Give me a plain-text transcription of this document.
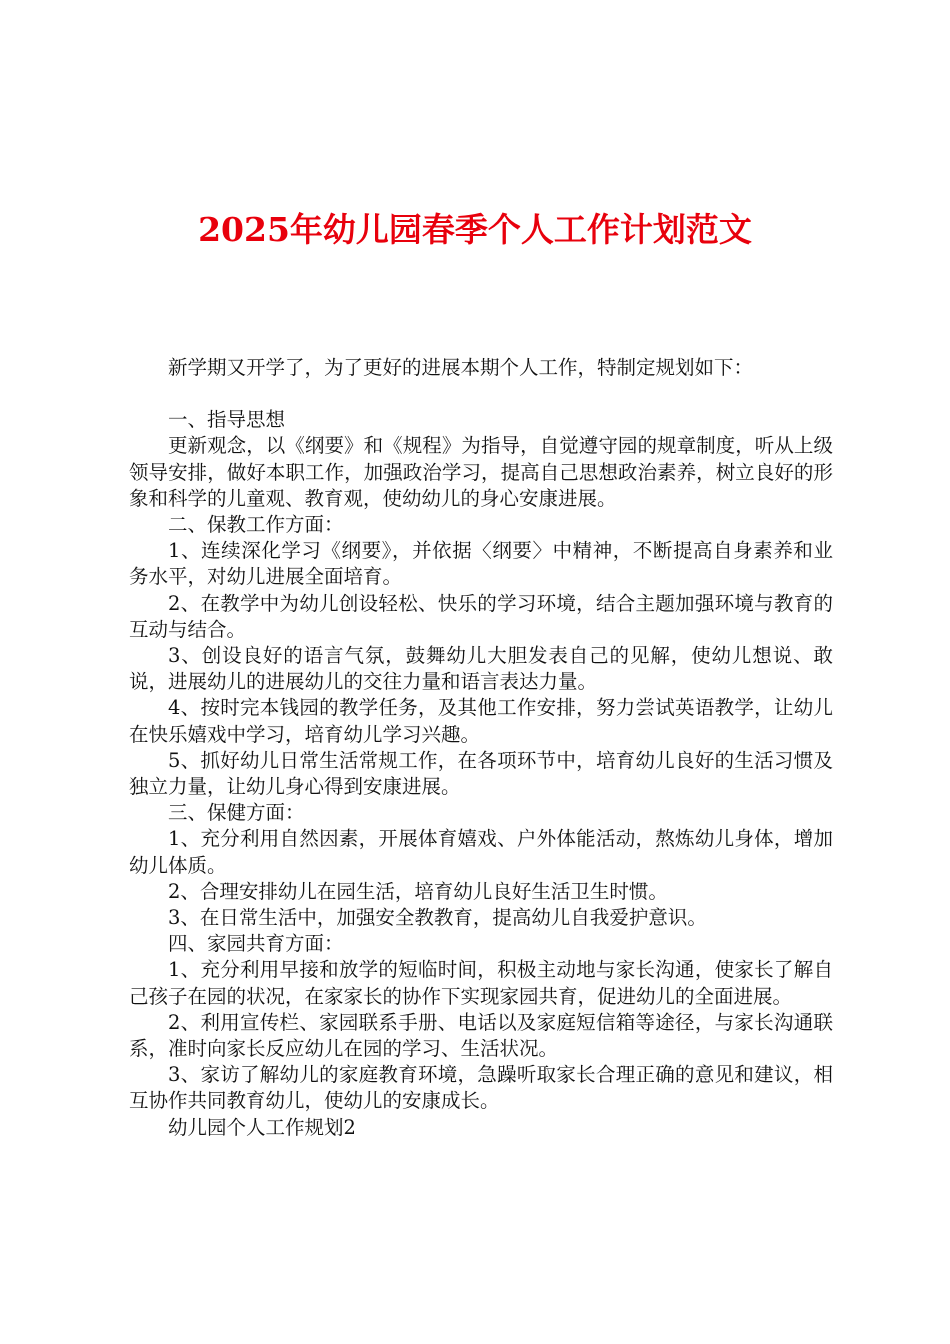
2025年幼儿园春季个人工作计划范文

新学期又开学了，为了更好的进展本期个人工作，特制定规划如下：

一、指导思想

更新观念，以《纲要》和《规程》为指导，自觉遵守园的规章制度，听从上级领导安排，做好本职工作，加强政治学习，提高自己思想政治素养，树立良好的形象和科学的儿童观、教育观，使幼幼儿的身心安康进展。

二、保教工作方面：

1、连续深化学习《纲要》，并依据〈纲要〉中精神，不断提高自身素养和业务水平，对幼儿进展全面培育。

2、在教学中为幼儿创设轻松、快乐的学习环境，结合主题加强环境与教育的互动与结合。

3、创设良好的语言气氛，鼓舞幼儿大胆发表自己的见解，使幼儿想说、敢说，进展幼儿的进展幼儿的交往力量和语言表达力量。

4、按时完本钱园的教学任务，及其他工作安排，努力尝试英语教学，让幼儿在快乐嬉戏中学习，培育幼儿学习兴趣。

5、抓好幼儿日常生活常规工作，在各项环节中，培育幼儿良好的生活习惯及独立力量，让幼儿身心得到安康进展。

三、保健方面：

1、充分利用自然因素，开展体育嬉戏、户外体能活动，熬炼幼儿身体，增加幼儿体质。

2、合理安排幼儿在园生活，培育幼儿良好生活卫生时惯。

3、在日常生活中，加强安全教教育，提高幼儿自我爱护意识。

四、家园共育方面：

1、充分利用早接和放学的短临时间，积极主动地与家长沟通，使家长了解自己孩子在园的状况，在家家长的协作下实现家园共育，促进幼儿的全面进展。

2、利用宣传栏、家园联系手册、电话以及家庭短信箱等途径，与家长沟通联系，准时向家长反应幼儿在园的学习、生活状况。

3、家访了解幼儿的家庭教育环境，急躁听取家长合理正确的意见和建议，相互协作共同教育幼儿，使幼儿的安康成长。

幼儿园个人工作规划2
